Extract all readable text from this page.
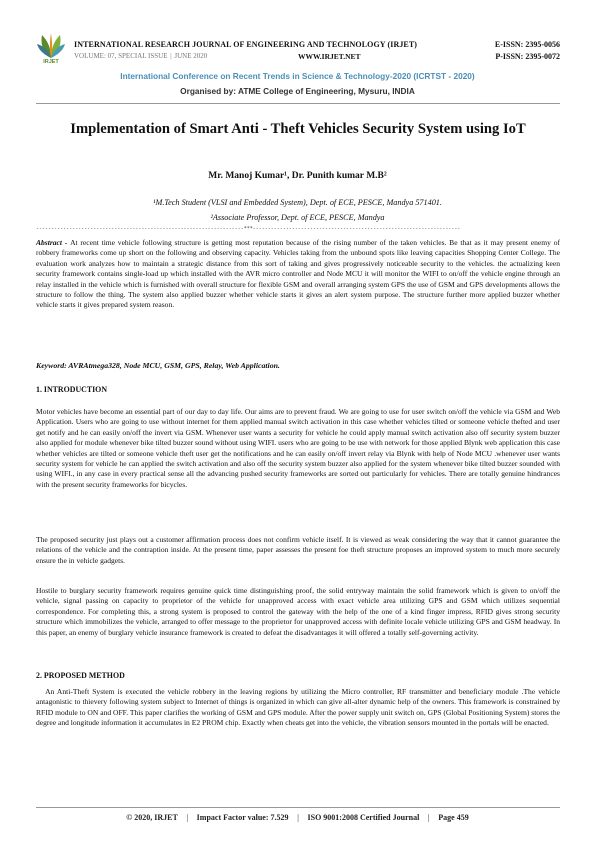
IRJET
INTERNATIONAL RESEARCH JOURNAL OF ENGINEERING AND TECHNOLOGY (IRJET)
VOLUME: 07, SPECIAL ISSUE | JUNE 2020	WWW.IRJET.NET
E-ISSN: 2395-0056
P-ISSN: 2395-0072
International Conference on Recent Trends in Science & Technology-2020 (ICRTST - 2020)
Organised by: ATME College of Engineering, Mysuru, INDIA
Implementation of Smart Anti - Theft Vehicles Security System using IoT
Mr. Manoj Kumar¹, Dr. Punith kumar M.B²
¹M.Tech Student (VLSI and Embedded System), Dept. of ECE, PESCE, Mandya 571401.
²Associate Professor, Dept. of ECE, PESCE, Mandya
---------------------------------------------------------------------***---------------------------------------------------------------------
Abstract - At recent time vehicle following structure is getting most reputation because of the rising number of the taken vehicles. Be that as it may present enemy of robbery frameworks come up short on the following and observing capacity. Vehicles taking from the unbound spots like leaving capacities Shopping Center College. The evaluation work analyzes how to maintain a strategic distance from this sort of taking and gives progressively noticeable security to the vehicles. the actualizing keen security framework contains single-load up which installed with the AVR micro controller and Node MCU it will monitor the WIFI to on/off the vehicle engine through an relay installed in the vehicle which is furnished with overall structure for flexible GSM and overall arranging system GPS the use of GSM and GPS developments allows the structure to follow the thing. The system also applied buzzer whether vehicle starts it gives an alert system purpose. The structure further more applied buzzer whether vehicle starts it gives prepared system reason.
Keyword: AVRAtmega328, Node MCU, GSM, GPS, Relay, Web Application.
1. INTRODUCTION
Motor vehicles have become an essential part of our day to day life. Our aims are to prevent fraud. We are going to use for user switch on/off the vehicle via GSM and Web Application. Users who are going to use without internet for them applied manual switch activation in this case whether vehicles tilted or someone vehicle thefted and user get notify and he can easily on/off the invert via GSM. Whenever user wants a security for vehicle he could apply manual switch activation also off security system buzzer also applied for module whenever bike tilted buzzer sound without using WIFI. users who are going to be use with network for those applied Blynk web application this case whether vehicles are tilted or someone vehicle theft user get the notifications and he can easily on/off invert relay via Blynk with help of Node MCU .whenever user wants security system for vehicle he can applied the switch activation and also off the security system buzzer also applied for the system whenever bike tilted buzzer sounded with using WIFI., in any case in every practical sense all the advancing pushed security frameworks are sorted out particularly for vehicles. There are totally genuine hindrances with the present security frameworks for bicycles.
The proposed security just plays out a customer affirmation process does not confirm vehicle itself. It is viewed as weak considering the way that it cannot guarantee the relations of the vehicle and the contraption inside. At the present time, paper assesses the present foe theft structure proposes an improved system to much more securely ensure the in vehicle gadgets.
Hostile to burglary security framework requires genuine quick time distinguishing proof, the solid entryway maintain the solid framework which is given to on/off the vehicle, signal passing on capacity to proprietor of the vehicle for unapproved access with exact vehicle area utilizing GPS and GSM which utilizes sequential correspondence. For completing this, a strong system is proposed to control the gateway with the help of the one of a kind finger impress, RFID gives strong security structure which immobilizes the vehicle, arranged to offer message to the proprietor for unapproved access with definite locale vehicle utilizing GPS and GSM headway. In this paper, an enemy of burglary vehicle insurance framework is created to defeat the disadvantages it will offered a totally self-governing activity.
2. PROPOSED METHOD
An Anti-Theft System is executed the vehicle robbery in the leaving regions by utilizing the Micro controller, RF transmitter and beneficiary module .The vehicle antagonistic to thievery following system subject to Internet of things is organized in which can give all-alter dynamic help of the owners. This framework is constrained by RFID module to ON and OFF. This paper clarifies the working of GSM and GPS module. After the power supply unit switch on, GPS (Global Positioning System) stores the degree and longitude information it accumulates in E2 PROM chip. Exactly when cheats get into the vehicle, the vibration sensors mounted in the portals will be enacted.
© 2020, IRJET | Impact Factor value: 7.529 | ISO 9001:2008 Certified Journal | Page 459
